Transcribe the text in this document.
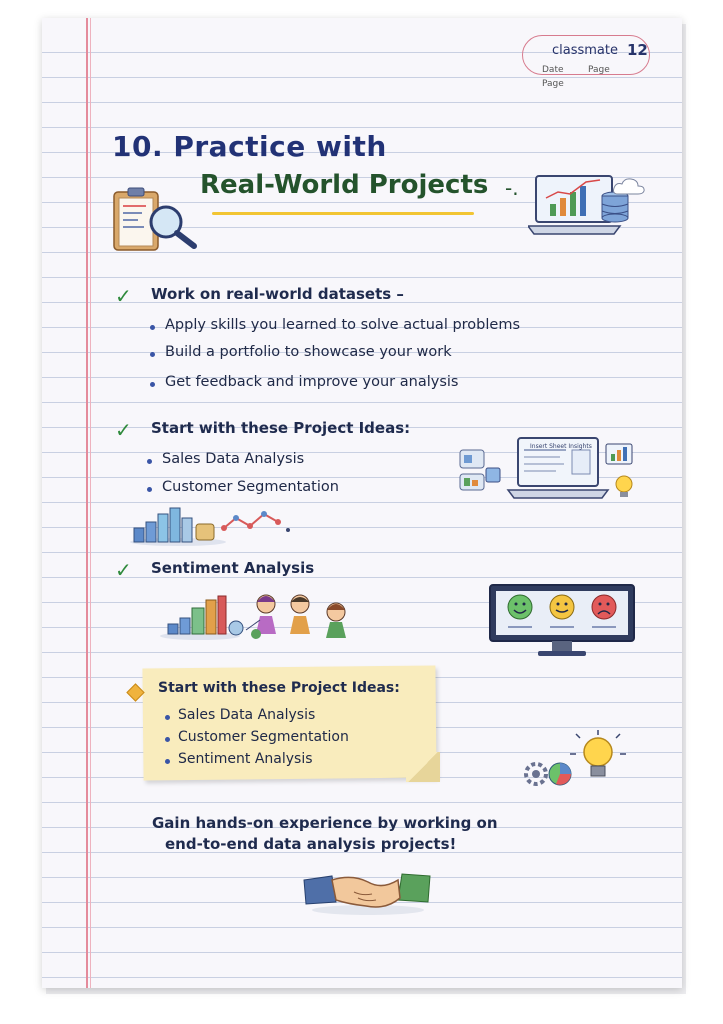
classmate 12
Date	Page
Page
10. Practice with
Real-World Projects -.
✓ Work on real-world datasets –
Apply skills you learned to solve actual problems
Build a portfolio to showcase your work
Get feedback and improve your analysis
✓ Start with these Project Ideas:
Sales Data Analysis
Customer Segmentation
Insert Sheet Insights
✓ Sentiment Analysis
Start with these Project Ideas:
Sales Data Analysis
Customer Segmentation
Sentiment Analysis
Gain hands-on experience by working on
end-to-end data analysis projects!
